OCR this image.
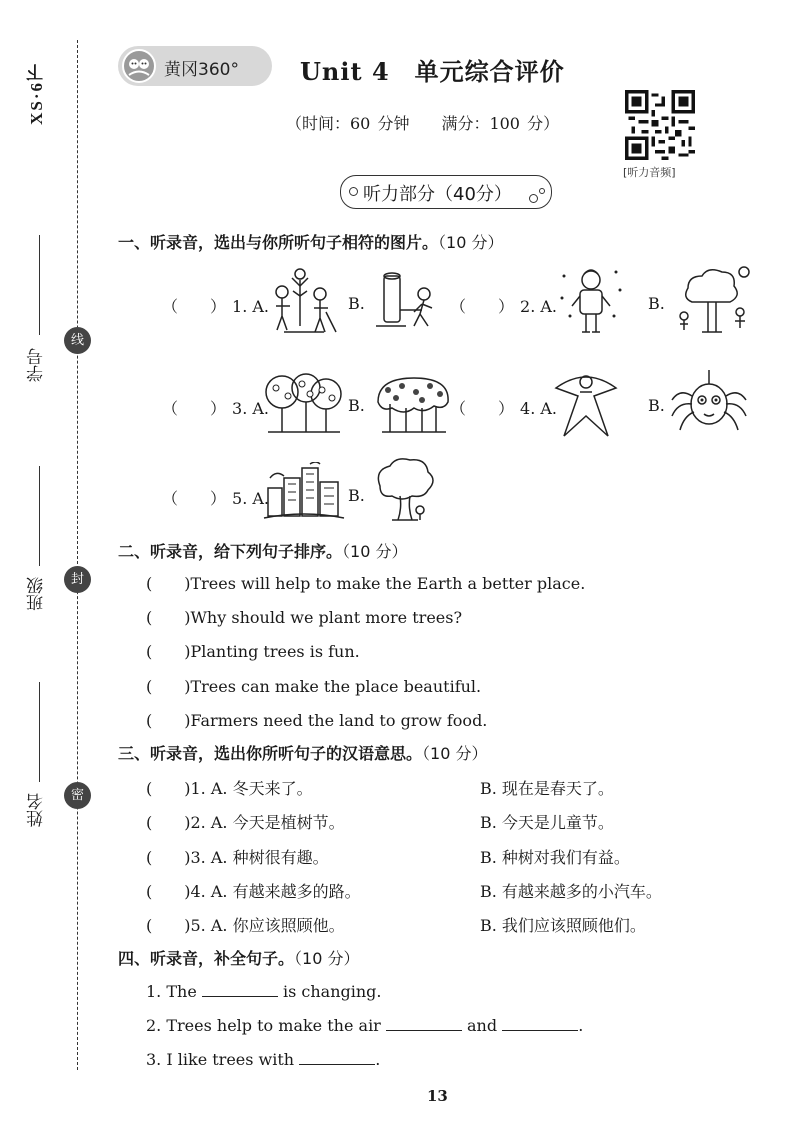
XS·6下
线
封
密
学号
班级
姓名
黄冈360°	Unit 4　单元综合评价
（时间：60 分钟　　满分：100 分）
[听力音频]
听力部分（40分）
一、听录音，选出与你所听句子相符的图片。（10 分）
（　　） 1. A.	B.	（　　） 2. A.	B.
（　　） 3. A.	B.	（　　） 4. A.	B.
（　　） 5. A.	B.
二、听录音，给下列句子排序。（10 分）
(　　)Trees will help to make the Earth a better place.
(　　)Why should we plant more trees?
(　　)Planting trees is fun.
(　　)Trees can make the place beautiful.
(　　)Farmers need the land to grow food.
三、听录音，选出你所听句子的汉语意思。（10 分）
(　　)1. A. 冬天来了。	B. 现在是春天了。
(　　)2. A. 今天是植树节。	B. 今天是儿童节。
(　　)3. A. 种树很有趣。	B. 种树对我们有益。
(　　)4. A. 有越来越多的路。	B. 有越来越多的小汽车。
(　　)5. A. 你应该照顾他。	B. 我们应该照顾他们。
四、听录音，补全句子。（10 分）
1. The	is changing.
2. Trees help to make the air	and	.
3. I like trees with	.
13
